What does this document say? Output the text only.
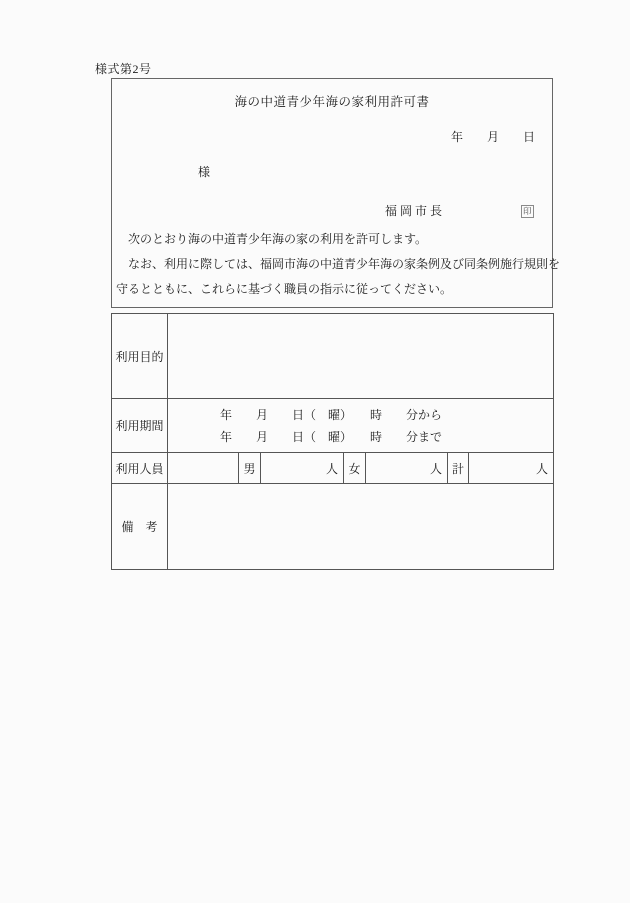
様式第2号
海の中道青少年海の家利用許可書
年　　月　　日
様
福岡市長	印
　次のとおり海の中道青少年海の家の利用を許可します。
　なお、利用に際しては、福岡市海の中道青少年海の家条例及び同条例施行規則を
守るとともに、これらに基づく職員の指示に従ってください。
利用目的							
利用期間	年　　月　　日（　曜）　　時　　分から
年　　月　　日（　曜）　　時　　分まで						

利用人員		男	人	女	人	計	人
備　考							
